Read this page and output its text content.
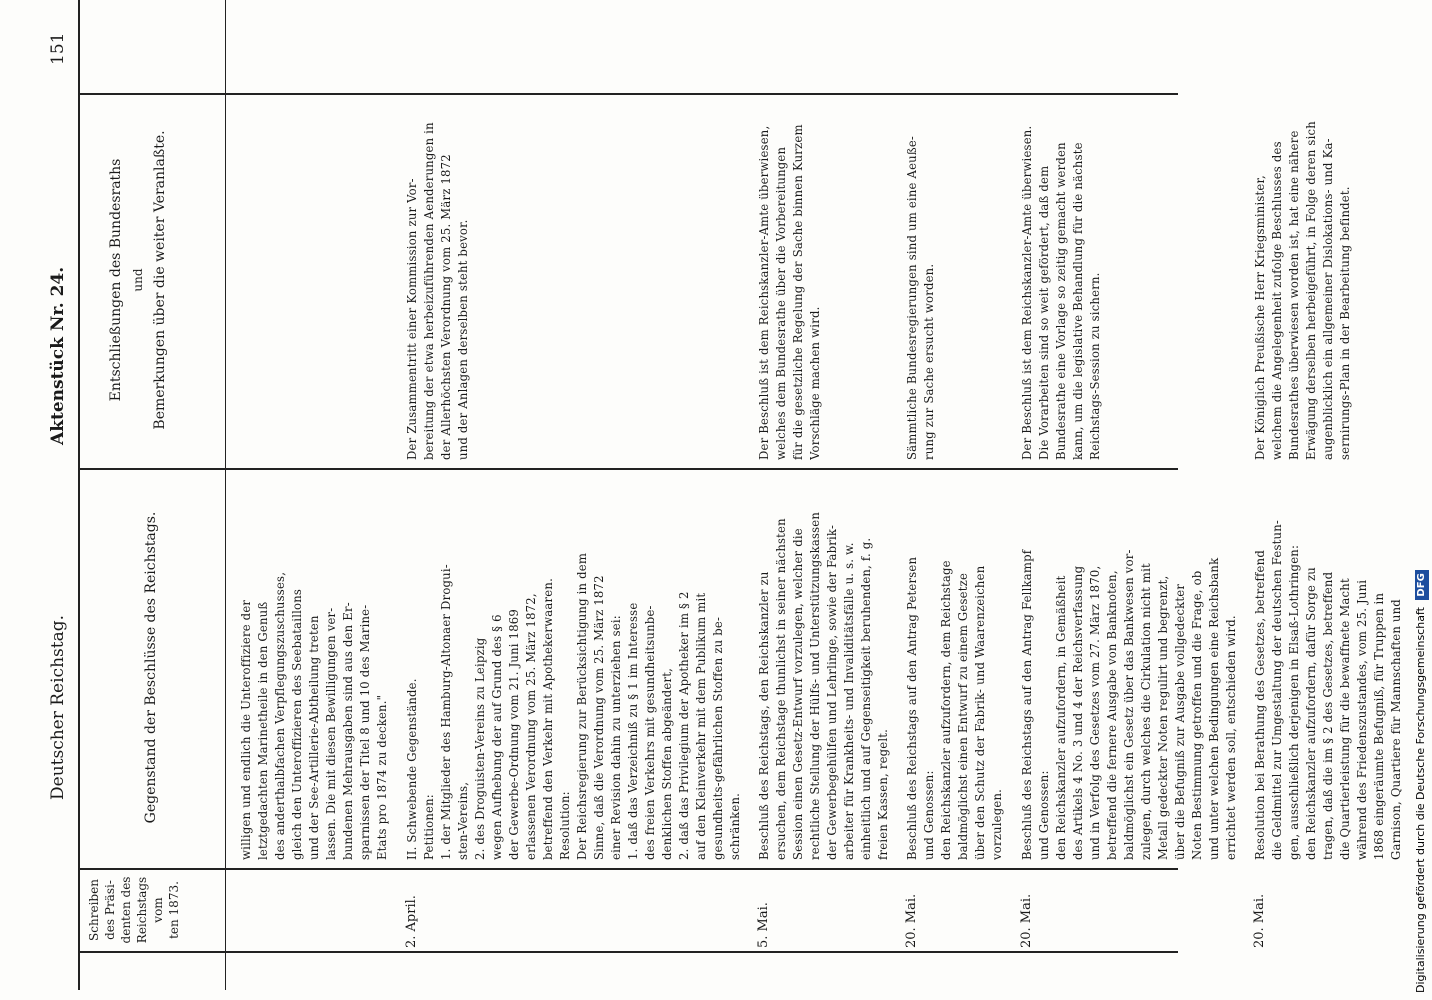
Deutscher Reichstag.
Aktenstück Nr. 24.
151
Schreiben des Präsi- denten des Reichstags vom ten 1873.
Gegenstand der Beschlüsse des Reichstags.
Entschließungen des Bundesraths und Bemerkungen über die weiter Veranlaßte.
willigen und endlich die Unteroffiziere der letztgedachten Marinetheile in den Genuß des anderthalbfachen Verpflegungszuschusses, gleich den Unteroffizieren des Seebataillons und der See-Artillerie-Abtheilung treten lassen. Die mit diesen Bewilligungen ver- bundenen Mehrausgaben sind aus den Er- sparnissen der Titel 8 und 10 des Marine- Etats pro 1874 zu decken."
2. April.
II. Schwebende Gegenstände. Petitionen: 1. der Mitglieder des Hamburg-Altonaer Drogui- sten-Vereins, 2. des Droguisten-Vereins zu Leipzig wegen Aufhebung der auf Grund des § 6 der Gewerbe-Ordnung vom 21. Juni 1869 erlassenen Verordnung vom 25. März 1872, betreffend den Verkehr mit Apothekerwaaren. Resolution: Der Reichsregierung zur Berücksichtigung in dem Sinne, daß die Verordnung vom 25. März 1872 einer Revision dahin zu unterziehen sei: 1. daß das Verzeichniß zu § 1 im Interesse des freien Verkehrs mit gesundheitsunbe- denklichen Stoffen abgeändert, 2. daß das Privilegium der Apotheker im § 2 auf den Kleinverkehr mit dem Publikum mit gesundheits-gefährlichen Stoffen zu be- schränken.
Der Zusammentritt einer Kommission zur Vor- bereitung der etwa herbeizuführenden Aenderungen in der Allerhöchsten Verordnung vom 25. März 1872 und der Anlagen derselben steht bevor.
5. Mai.
Beschluß des Reichstags, den Reichskanzler zu ersuchen, dem Reichstage thunlichst in seiner nächsten Session einen Gesetz-Entwurf vorzulegen, welcher die rechtliche Stellung der Hülfs- und Unterstützungskassen der Gewerbegehülfen und Lehrlinge, sowie der Fabrik- arbeiter für Krankheits- und Invaliditätsfälle u. s. w. einheitlich und auf Gegenseitigkeit beruhenden, f. g. freien Kassen, regelt.
Der Beschluß ist dem Reichskanzler-Amte überwiesen, welches dem Bundesrathe über die Vorbereitungen für die gesetzliche Regelung der Sache binnen Kurzem Vorschläge machen wird.
20. Mai.
Beschluß des Reichstags auf den Antrag Petersen und Genossen: den Reichskanzler aufzufordern, dem Reichstage baldmöglichst einen Entwurf zu einem Gesetze über den Schutz der Fabrik- und Waarenzeichen vorzulegen.
Sämmtliche Bundesregierungen sind um eine Aeuße- rung zur Sache ersucht worden.
20. Mai.
Beschluß des Reichstags auf den Antrag Fellkampf und Genossen: den Reichskanzler aufzufordern, in Gemäßheit des Artikels 4 No. 3 und 4 der Reichsverfassung und in Verfolg des Gesetzes vom 27. März 1870, betreffend die fernere Ausgabe von Banknoten, baldmöglichst ein Gesetz über das Bankwesen vor- zulegen, durch welches die Cirkulation nicht mit Metall gedeckter Noten regulirt und begrenzt, über die Befugniß zur Ausgabe vollgedeckter Noten Bestimmung getroffen und die Frage, ob und unter welchen Bedingungen eine Reichsbank errichtet werden soll, entschieden wird.
Der Beschluß ist dem Reichskanzler-Amte überwiesen. Die Vorarbeiten sind so weit gefördert, daß dem Bundesrathe eine Vorlage so zeitig gemacht werden kann, um die legislative Behandlung für die nächste Reichstags-Session zu sichern.
20. Mai.
Resolution bei Berathung des Gesetzes, betreffend die Geldmittel zur Umgestaltung der deutschen Festun- gen, ausschließlich derjenigen in Elsaß-Lothringen: den Reichskanzler aufzufordern, dafür Sorge zu tragen, daß die im § 2 des Gesetzes, betreffend die Quartierleistung für die bewaffnete Macht während des Friedenszustandes, vom 25. Juni 1868 eingeräumte Befugniß, für Truppen in Garnison, Quartiere für Mannschaften und
Der Königlich Preußische Herr Kriegsminister, welchem die Angelegenheit zufolge Beschlusses des Bundesrathes überwiesen worden ist, hat eine nähere Erwägung derselben herbeigeführt, in Folge deren sich augenblicklich ein allgemeiner Dislokations- und Ka- sernirungs-Plan in der Bearbeitung befindet.
Digitalisierung gefördert durch die Deutsche Forschungsgemeinschaft DFG
